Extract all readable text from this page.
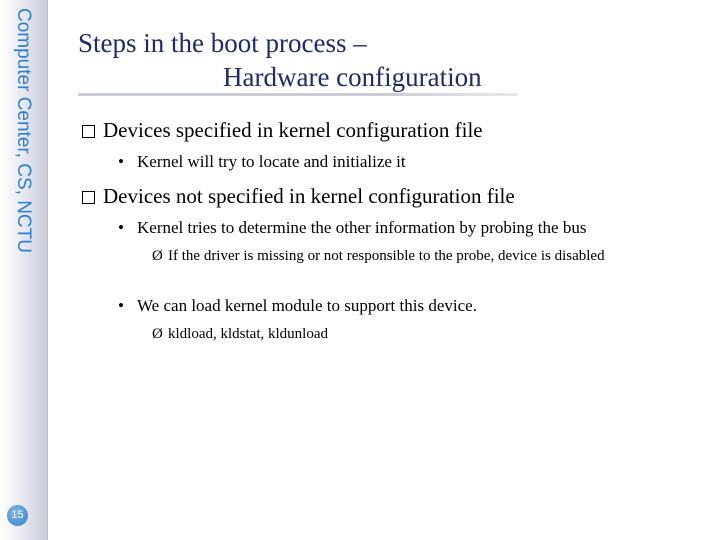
Computer Center, CS, NCTU
15
Steps in the boot process –
Hardware configuration
Devices specified in kernel configuration file
• Kernel will try to locate and initialize it
Devices not specified in kernel configuration file
• Kernel tries to determine the other information by probing the bus
Ø If the driver is missing or not responsible to the probe, device is disabled
• We can load kernel module to support this device.
Ø kldload, kldstat, kldunload
